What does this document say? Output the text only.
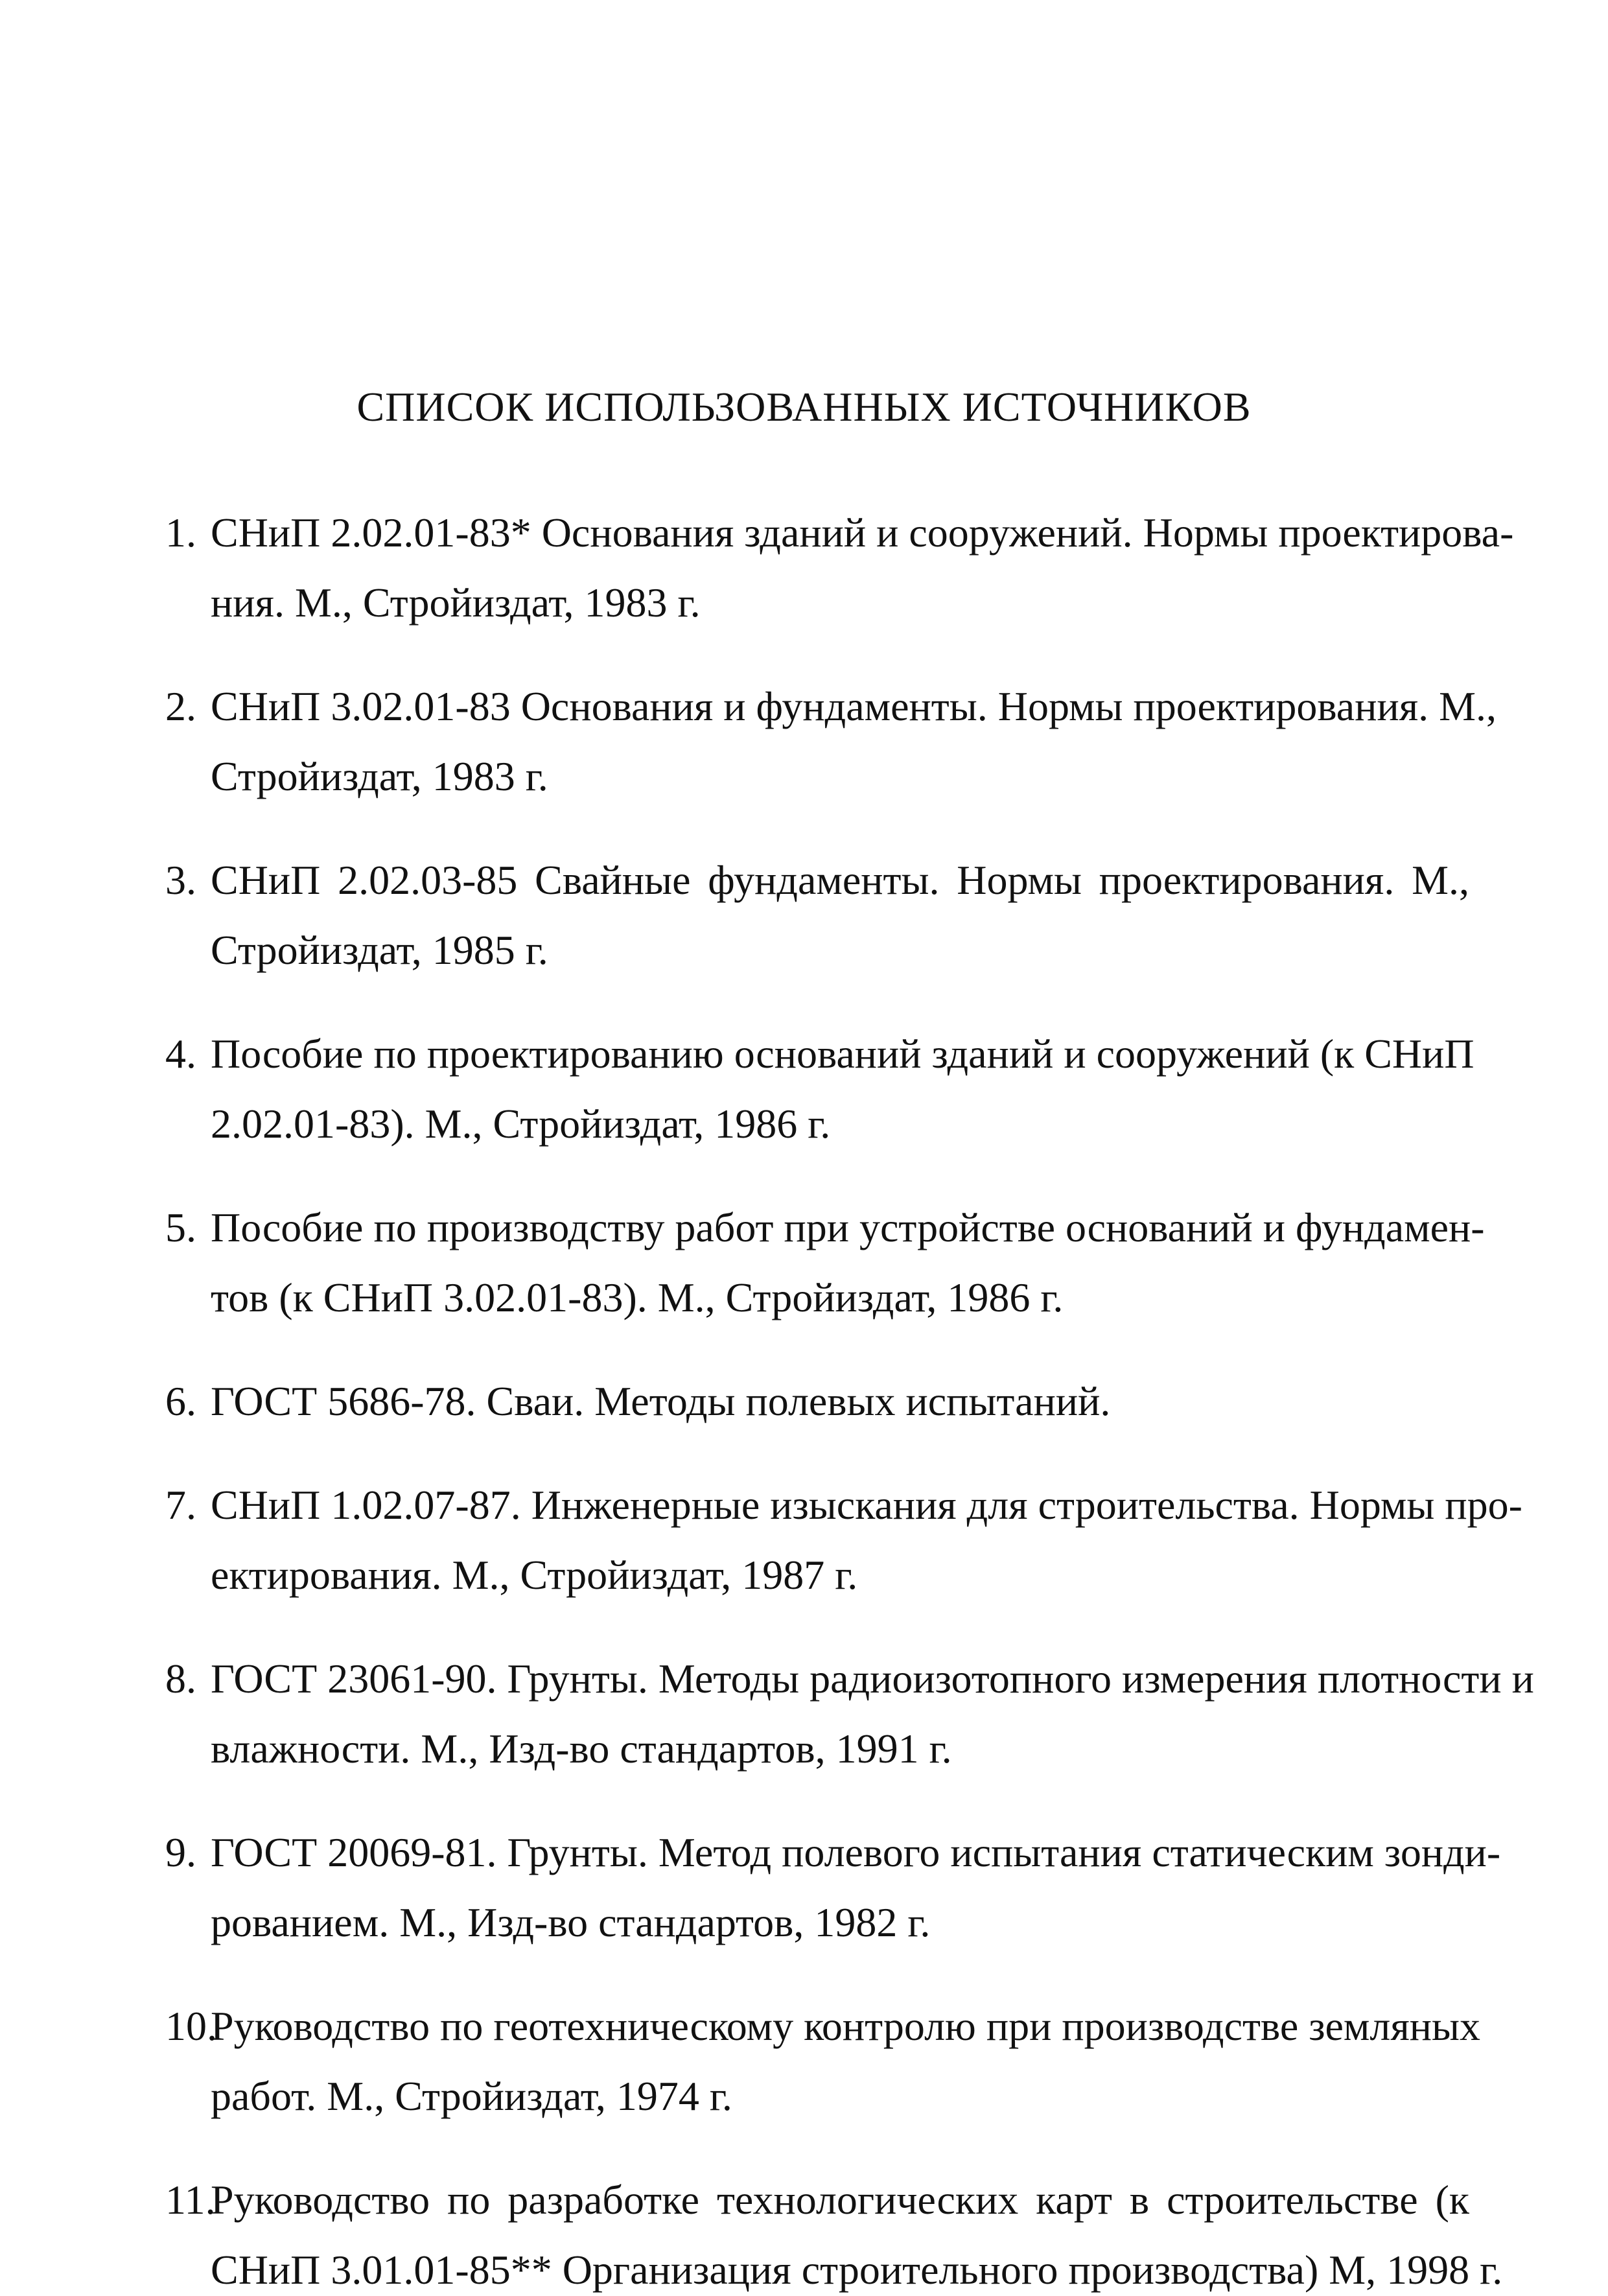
СПИСОК ИСПОЛЬЗОВАННЫХ ИСТОЧНИКОВ
1. СНиП 2.02.01-83* Основания зданий и сооружений. Нормы проектирова-
ния. М., Стройиздат, 1983 г.
2. СНиП 3.02.01-83 Основания и фундаменты. Нормы проектирования. М.,
Стройиздат, 1983 г.
3. СНиП 2.02.03-85 Свайные фундаменты. Нормы проектирования. М.,
Стройиздат, 1985 г.
4. Пособие по проектированию оснований зданий и сооружений (к СНиП
2.02.01-83). М., Стройиздат, 1986 г.
5. Пособие по производству работ при устройстве оснований и фундамен-
тов (к СНиП 3.02.01-83). М., Стройиздат, 1986 г.
6. ГОСТ 5686-78. Сваи. Методы полевых испытаний.
7. СНиП 1.02.07-87. Инженерные изыскания для строительства. Нормы про-
ектирования. М., Стройиздат, 1987 г.
8. ГОСТ 23061-90. Грунты. Методы радиоизотопного измерения плотности и
влажности. М., Изд-во стандартов, 1991 г.
9. ГОСТ 20069-81. Грунты. Метод полевого испытания статическим зонди-
рованием. М., Изд-во стандартов, 1982 г.
10.
Руководство по геотехническому контролю при производстве земляных
работ. М., Стройиздат, 1974 г.
11.
Руководство по разработке технологических карт в строительстве (к
СНиП 3.01.01-85** Организация строительного производства) М, 1998 г.
